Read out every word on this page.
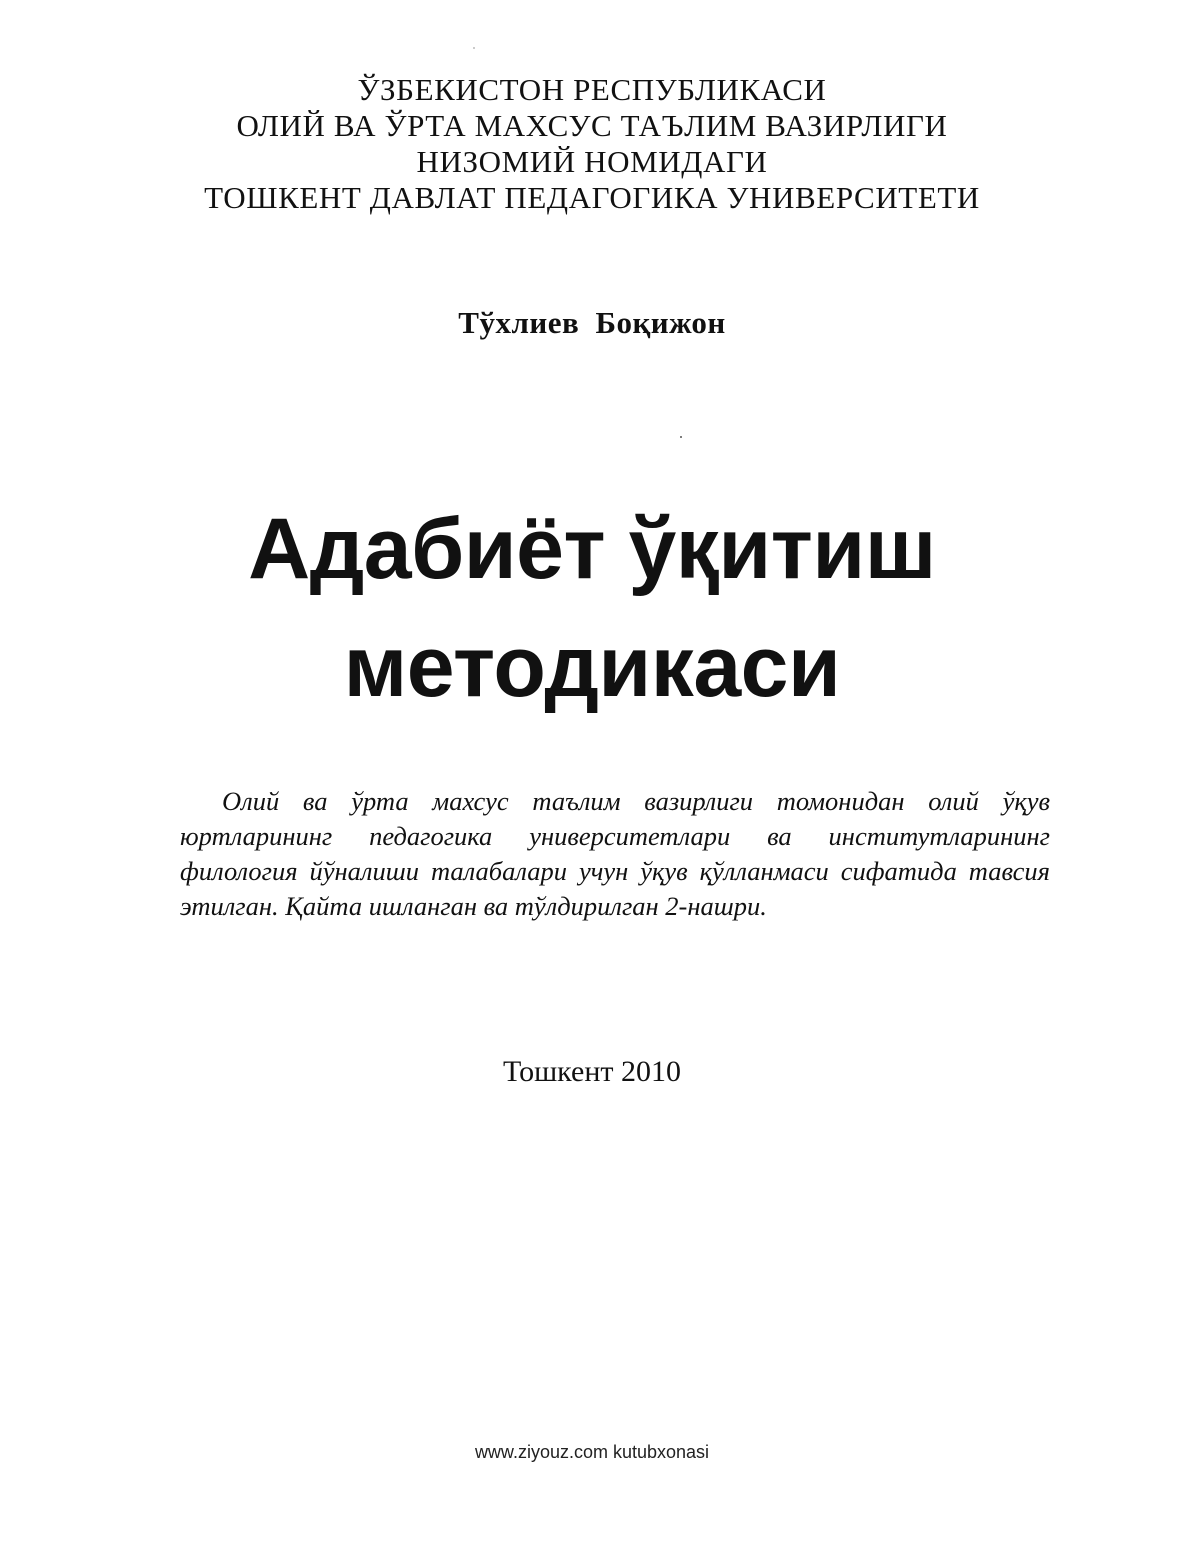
ЎЗБЕКИСТОН РЕСПУБЛИКАСИ
ОЛИЙ ВА ЎРТА МАХСУС ТАЪЛИМ ВАЗИРЛИГИ
НИЗОМИЙ НОМИДАГИ
ТОШКЕНТ ДАВЛАТ ПЕДАГОГИКА УНИВЕРСИТЕТИ
Тўхлиев Боқижон
Адабиёт ўқитиш
методикаси
Олий ва ўрта махсус таълим вазирлиги томонидан олий ўқув юртларининг педагогика университетлари ва институтларининг филология йўналиши талабалари учун ўқув қўлланмаси сифатида тавсия этилган. Қайта ишланган ва тўлдирилган 2-нашри.
Тошкент 2010
www.ziyouz.com kutubxonasi
